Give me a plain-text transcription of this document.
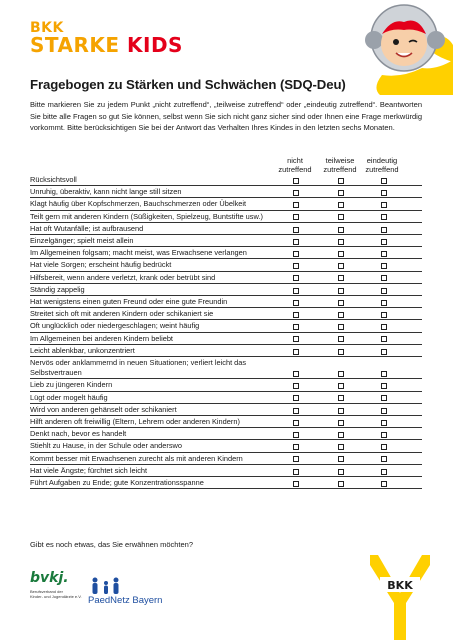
BKK
STARKE KIDS
Fragebogen zu Stärken und Schwächen (SDQ-Deu)

Bitte markieren Sie zu jedem Punkt „nicht zutreffend“, „teilweise zutreffend“ oder „eindeutig zutreffend“. Beantworten Sie bitte alle Fragen so gut Sie können, selbst wenn Sie sich nicht ganz sicher sind oder Ihnen eine Frage merkwürdig vorkommt. Bitte berücksichtigen Sie bei der Antwort das Verhalten Ihres Kindes in den letzten sechs Monaten.

nicht zutreffend
teilweise zutreffend
eindeutig zutreffend
Rücksichtsvoll
Unruhig, überaktiv, kann nicht lange still sitzen
Klagt häufig über Kopfschmerzen, Bauchschmerzen oder Übelkeit
Teilt gern mit anderen Kindern (Süßigkeiten, Spielzeug, Buntstifte usw.)
Hat oft Wutanfälle; ist aufbrausend
Einzelgänger; spielt meist allein
Im Allgemeinen folgsam; macht meist, was Erwachsene verlangen
Hat viele Sorgen; erscheint häufig bedrückt
Hilfsbereit, wenn andere verletzt, krank oder betrübt sind
Ständig zappelig
Hat wenigstens einen guten Freund oder eine gute Freundin
Streitet sich oft mit anderen Kindern oder schikaniert sie
Oft unglücklich oder niedergeschlagen; weint häufig
Im Allgemeinen bei anderen Kindern beliebt
Leicht ablenkbar, unkonzentriert
Nervös oder anklammernd in neuen Situationen; verliert leicht das Selbstvertrauen
Lieb zu jüngeren Kindern
Lügt oder mogelt häufig
Wird von anderen gehänselt oder schikaniert
Hilft anderen oft freiwillig (Eltern, Lehrern oder anderen Kindern)
Denkt nach, bevor es handelt
Stiehlt zu Hause, in der Schule oder anderswo
Kommt besser mit Erwachsenen zurecht als mit anderen Kindern
Hat viele Ängste; fürchtet sich leicht
Führt Aufgaben zu Ende; gute Konzentrationsspanne

Gibt es noch etwas, das Sie erwähnen möchten?

bvkj.
Berufsverband der
Kinder- und Jugendärzte e.V. PaedNetz Bayern
BKK
